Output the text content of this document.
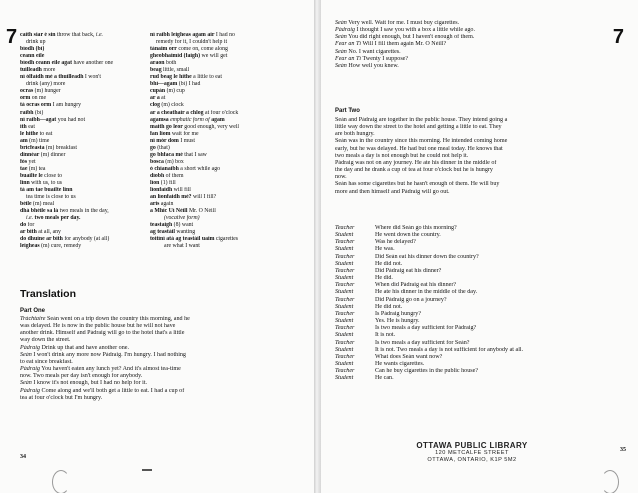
7 caith siar é sin throw that back, i.e.
drink up
bíodh (bí)
ceann eile
bíodh ceann eile agat have another one
tuilleadh more
ní ólfaidh mé a thuilleadh I won't
drink (any) more
ocras (m) hunger
orm on me
tá ocras orm I am hungry
raibh (bí)
ní raibh—agat you had not
ith eat
le hithe to eat
am (m) time
bricfeasta (m) breakfast
dinnéar (m) dinner
fós yet
tae (m) tea
buailte le close to
linn with us, to us
tá am tae buailte linn
tea time is close to us
béile (m) meal
dhá bhéile sa lá two meals in the day,
i.e. two meals per day.
do for
ar bith at all, any
do dhuine ar bith for anybody (at all)
leigheas (m) cure, remedy
ní raibh leigheas agam air I had no
remedy for it, I couldn't help it
tánaim orr come on, come along
gheobhaimid (faigh) we will get
araon both
beag little, small
rud beag le hithe a little to eat
bhí—agam (bí) I had
cupán (m) cup
ar a at
clog (m) clock
ar a cheathair a chlog at four o'clock
agamsa emphatic form of agam
maith go leor good enough, very well
fan liom wait for me
ní mór dom I must
go (that)
go bhfaca mé that I saw
bosca (m) box
ó chianaibh a short while ago
díobh of them
líon (1) fill
líonfaidh will fill
an líonfaidh mé? will I fill?
aris again
a Mhic Uí Néill Mr. Ó Néill
(vocative form)
teastaigh (8) want
ag teastáil wanting
toitíní atá ag teastáil uaim cigarettes
are what I want
Translation
Part One
Tráchtaire Seán went on a trip down the country this morning, and he
was delayed. He is now in the public house but he will not have
another drink. Himself and Pádraig will go to the hotel that's a little
way down the street.
Pádraig Drink up that and have another one.
Seán I won't drink any more now Pádraig. I'm hungry. I had nothing
to eat since breakfast.
Pádraig You haven't eaten any lunch yet? And it's almost tea-time
now. Two meals per day isn't enough for anybody.
Seán I know it's not enough, but I had no help for it.
Pádraig Come along and we'll both get a little to eat. I had a cup of
tea at four o'clock but I'm hungry.
34
7
Seán Very well. Wait for me. I must buy cigarettes.
Pádraig I thought I saw you with a box a little while ago.
Seán You did right enough, but I haven't enough of them.
Fear an Tí Will I fill them again Mr. Ó Néill?
Seán No. I want cigarettes.
Fear an Tí Twenty I suppose?
Seán How well you knew.
Part Two
Seán and Pádraig are together in the public house. They intend going a
little way down the street to the hotel and getting a little to eat. They
are both hungry.
Seán was in the country since this morning. He intended coming home
early, but he was delayed. He had but one meal today. He knows that
two meals a day is not enough but he could not help it.
Pádraig was not on any journey. He ate his dinner in the middle of
the day and he drank a cup of tea at four o'clock but he is hungry
now.
Seán has some cigarettes but he hasn't enough of them. He will buy
more and then himself and Pádraig will go out.
Teacher	Where did Seán go this morning?
Student	He went down the country.
Teacher	Was he delayed?
Student	He was.
Teacher	Did Seán eat his dinner down the country?
Student	He did not.
Teacher	Did Pádraig eat his dinner?
Student	He did.
Teacher	When did Pádraig eat his dinner?
Student	He ate his dinner in the middle of the day.
Teacher	Did Pádraig go on a journey?
Student	He did not.
Teacher	Is Pádraig hungry?
Student	Yes. He is hungry.
Teacher	Is two meals a day sufficient for Pádraig?
Student	It is not.
Teacher	Is two meals a day sufficient for Seán?
Student	It is not. Two meals a day is not sufficient for anybody at all.
Teacher	What does Seán want now?
Student	He wants cigarettes.
Teacher	Can he buy cigarettes in the public house?
Student	He can.
OTTAWA PUBLIC LIBRARY
120 METCALFE STREET
OTTAWA, ONTARIO, K1P 5M2
35
